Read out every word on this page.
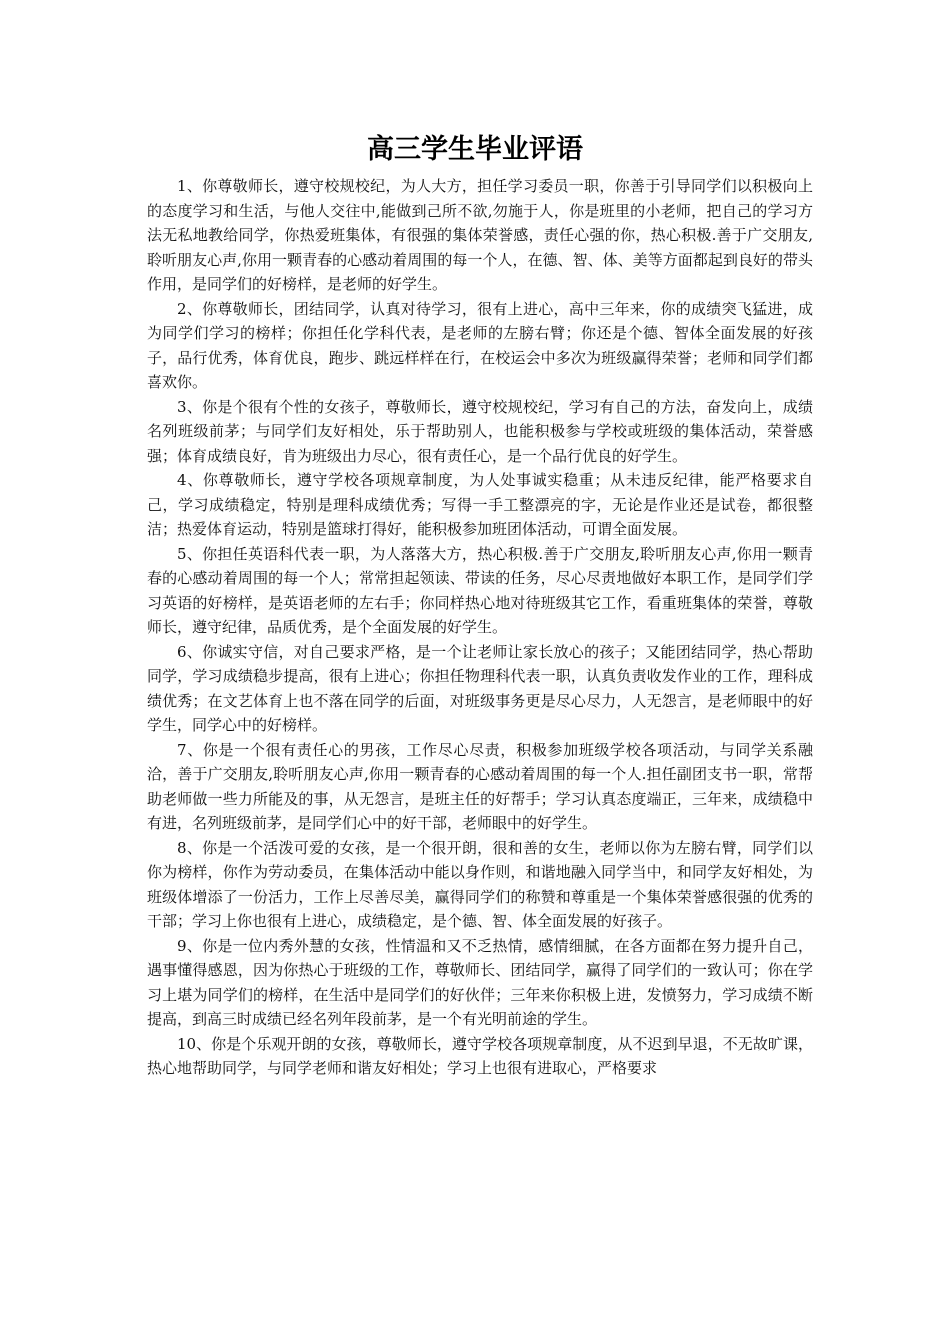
高三学生毕业评语

1、你尊敬师长，遵守校规校纪，为人大方，担任学习委员一职，你善于引导同学们以积极向上的态度学习和生活，与他人交往中,能做到己所不欲,勿施于人，你是班里的小老师，把自己的学习方法无私地教给同学，你热爱班集体，有很强的集体荣誉感，责任心强的你，热心积极.善于广交朋友,聆听朋友心声,你用一颗青春的心感动着周围的每一个人，在德、智、体、美等方面都起到良好的带头作用，是同学们的好榜样，是老师的好学生。

2、你尊敬师长，团结同学，认真对待学习，很有上进心，高中三年来，你的成绩突飞猛进，成为同学们学习的榜样；你担任化学科代表，是老师的左膀右臂；你还是个德、智体全面发展的好孩子，品行优秀，体育优良，跑步、跳远样样在行，在校运会中多次为班级赢得荣誉；老师和同学们都喜欢你。

3、你是个很有个性的女孩子，尊敬师长，遵守校规校纪，学习有自己的方法，奋发向上，成绩名列班级前茅；与同学们友好相处，乐于帮助别人，也能积极参与学校或班级的集体活动，荣誉感强；体育成绩良好，肯为班级出力尽心，很有责任心，是一个品行优良的好学生。

4、你尊敬师长，遵守学校各项规章制度，为人处事诚实稳重；从未违反纪律，能严格要求自己，学习成绩稳定，特别是理科成绩优秀；写得一手工整漂亮的字，无论是作业还是试卷，都很整洁；热爱体育运动，特别是篮球打得好，能积极参加班团体活动，可谓全面发展。

5、你担任英语科代表一职，为人落落大方，热心积极.善于广交朋友,聆听朋友心声,你用一颗青春的心感动着周围的每一个人；常常担起领读、带读的任务，尽心尽责地做好本职工作，是同学们学习英语的好榜样，是英语老师的左右手；你同样热心地对待班级其它工作，看重班集体的荣誉，尊敬师长，遵守纪律，品质优秀，是个全面发展的好学生。

6、你诚实守信，对自己要求严格，是一个让老师让家长放心的孩子；又能团结同学，热心帮助同学，学习成绩稳步提高，很有上进心；你担任物理科代表一职，认真负责收发作业的工作，理科成绩优秀；在文艺体育上也不落在同学的后面，对班级事务更是尽心尽力，人无怨言，是老师眼中的好学生，同学心中的好榜样。

7、你是一个很有责任心的男孩，工作尽心尽责，积极参加班级学校各项活动，与同学关系融洽，善于广交朋友,聆听朋友心声,你用一颗青春的心感动着周围的每一个人.担任副团支书一职，常帮助老师做一些力所能及的事，从无怨言，是班主任的好帮手；学习认真态度端正，三年来，成绩稳中有进，名列班级前茅，是同学们心中的好干部，老师眼中的好学生。

8、你是一个活泼可爱的女孩，是一个很开朗，很和善的女生，老师以你为左膀右臂，同学们以你为榜样，你作为劳动委员，在集体活动中能以身作则，和谐地融入同学当中，和同学友好相处，为班级体增添了一份活力，工作上尽善尽美，赢得同学们的称赞和尊重是一个集体荣誉感很强的优秀的干部；学习上你也很有上进心，成绩稳定，是个德、智、体全面发展的好孩子。

9、你是一位内秀外慧的女孩，性情温和又不乏热情，感情细腻，在各方面都在努力提升自己，遇事懂得感恩，因为你热心于班级的工作，尊敬师长、团结同学，赢得了同学们的一致认可；你在学习上堪为同学们的榜样，在生活中是同学们的好伙伴；三年来你积极上进，发愤努力，学习成绩不断提高，到高三时成绩已经名列年段前茅，是一个有光明前途的学生。

10、你是个乐观开朗的女孩，尊敬师长，遵守学校各项规章制度，从不迟到早退，不无故旷课，热心地帮助同学，与同学老师和谐友好相处；学习上也很有进取心，严格要求
